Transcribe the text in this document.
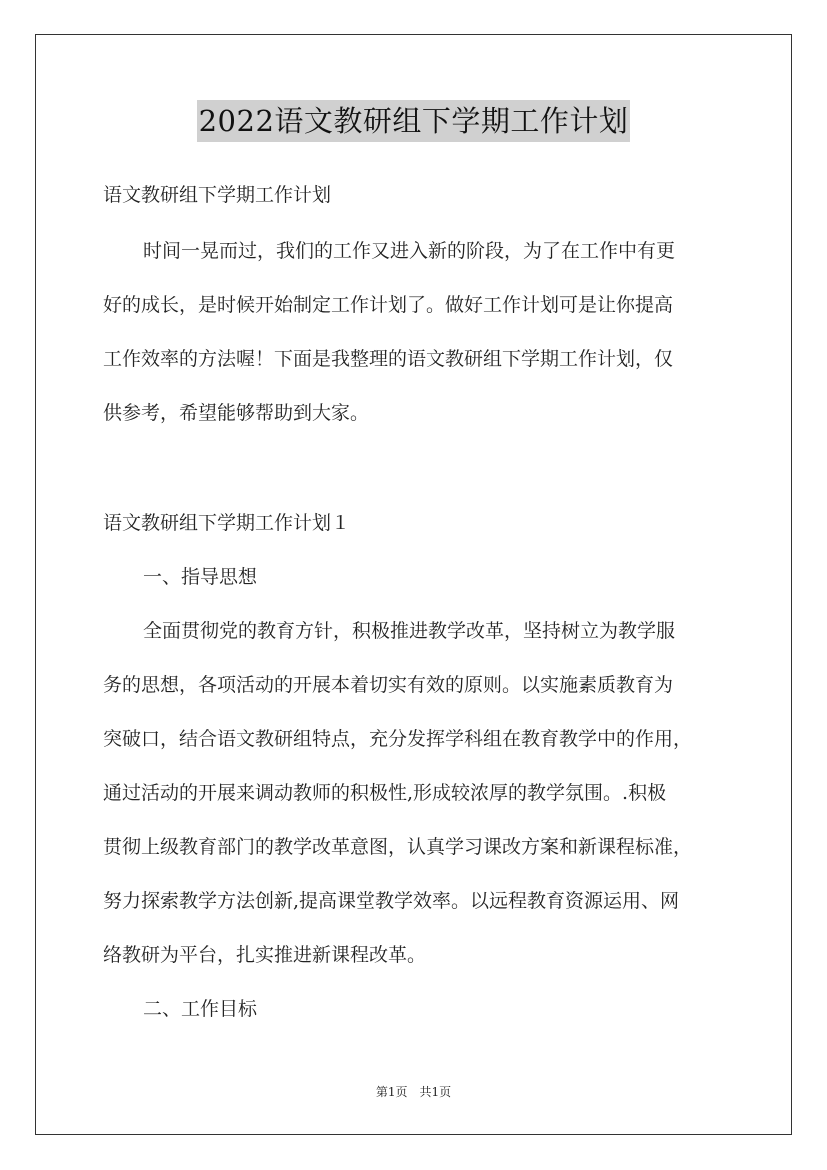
2022语文教研组下学期工作计划
语文教研组下学期工作计划
时间一晃而过，我们的工作又进入新的阶段，为了在工作中有更
好的成长，是时候开始制定工作计划了。做好工作计划可是让你提高
工作效率的方法喔！下面是我整理的语文教研组下学期工作计划，仅
供参考，希望能够帮助到大家。
语文教研组下学期工作计划１
一、指导思想
全面贯彻党的教育方针，积极推进教学改革，坚持树立为教学服
务的思想，各项活动的开展本着切实有效的原则。以实施素质教育为
突破口，结合语文教研组特点，充分发挥学科组在教育教学中的作用，
通过活动的开展来调动教师的积极性,形成较浓厚的教学氛围。.积极
贯彻上级教育部门的教学改革意图，认真学习课改方案和新课程标准，
努力探索教学方法创新,提高课堂教学效率。以远程教育资源运用、网
络教研为平台，扎实推进新课程改革。
二、工作目标
第1页　共1页
